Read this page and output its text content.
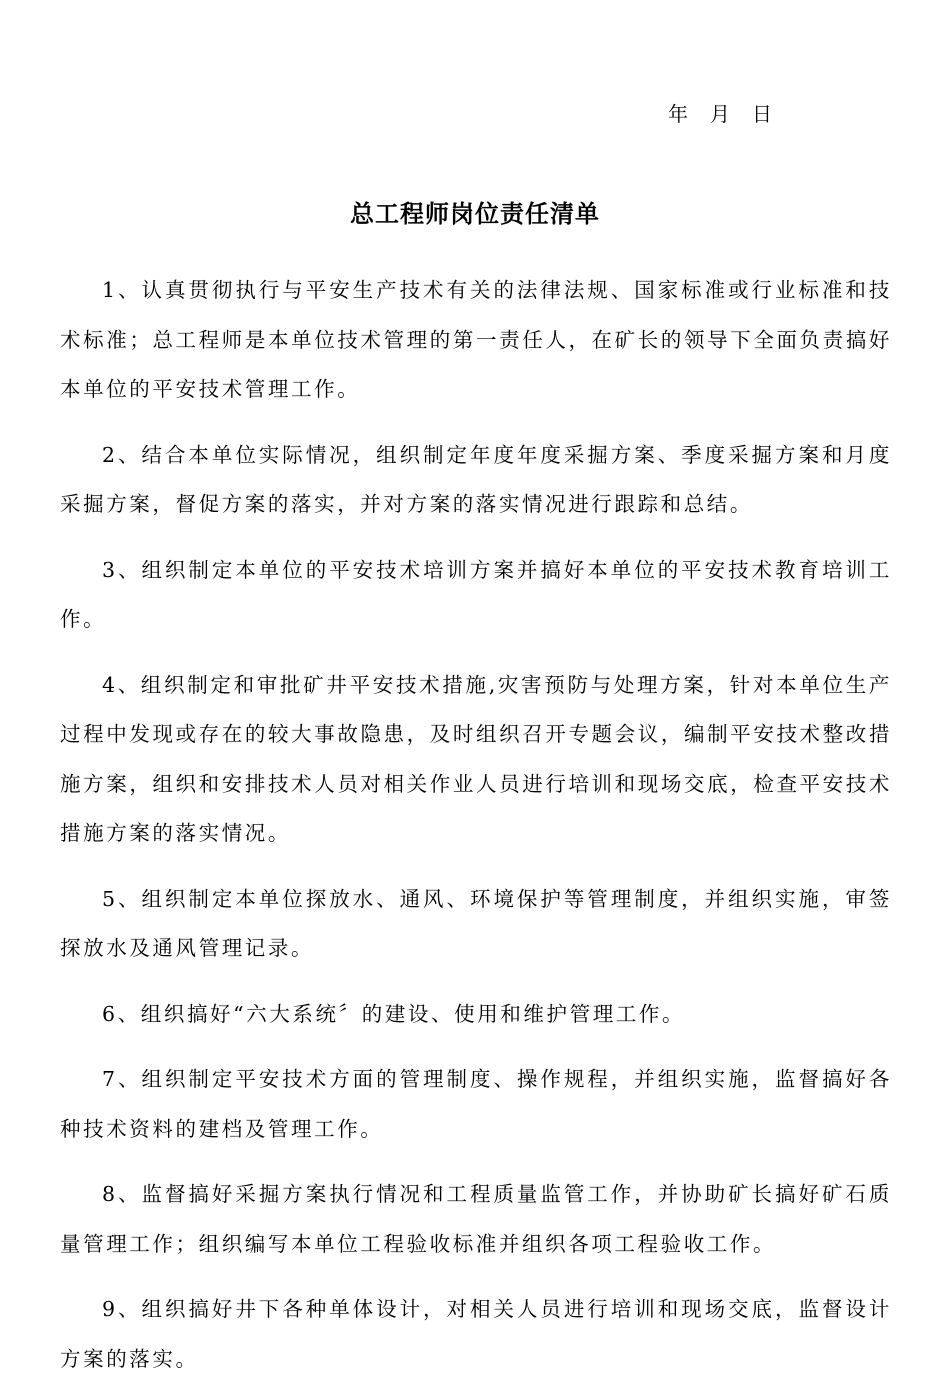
年 月 日
总工程师岗位责任清单

1、认真贯彻执行与平安生产技术有关的法律法规、国家标准或行业标准和技术标准；总工程师是本单位技术管理的第一责任人，在矿长的领导下全面负责搞好本单位的平安技术管理工作。

2、结合本单位实际情况，组织制定年度年度采掘方案、季度采掘方案和月度采掘方案，督促方案的落实，并对方案的落实情况进行跟踪和总结。

3、组织制定本单位的平安技术培训方案并搞好本单位的平安技术教育培训工作。

4、组织制定和审批矿井平安技术措施,灾害预防与处理方案，针对本单位生产过程中发现或存在的较大事故隐患，及时组织召开专题会议，编制平安技术整改措施方案，组织和安排技术人员对相关作业人员进行培训和现场交底，检查平安技术措施方案的落实情况。

5、组织制定本单位探放水、通风、环境保护等管理制度，并组织实施，审签探放水及通风管理记录。

6、组织搞好“六大系统〞的建设、使用和维护管理工作。

7、组织制定平安技术方面的管理制度、操作规程，并组织实施，监督搞好各种技术资料的建档及管理工作。

8、监督搞好采掘方案执行情况和工程质量监管工作，并协助矿长搞好矿石质量管理工作；组织编写本单位工程验收标准并组织各项工程验收工作。

9、组织搞好井下各种单体设计，对相关人员进行培训和现场交底，监督设计方案的落实。
